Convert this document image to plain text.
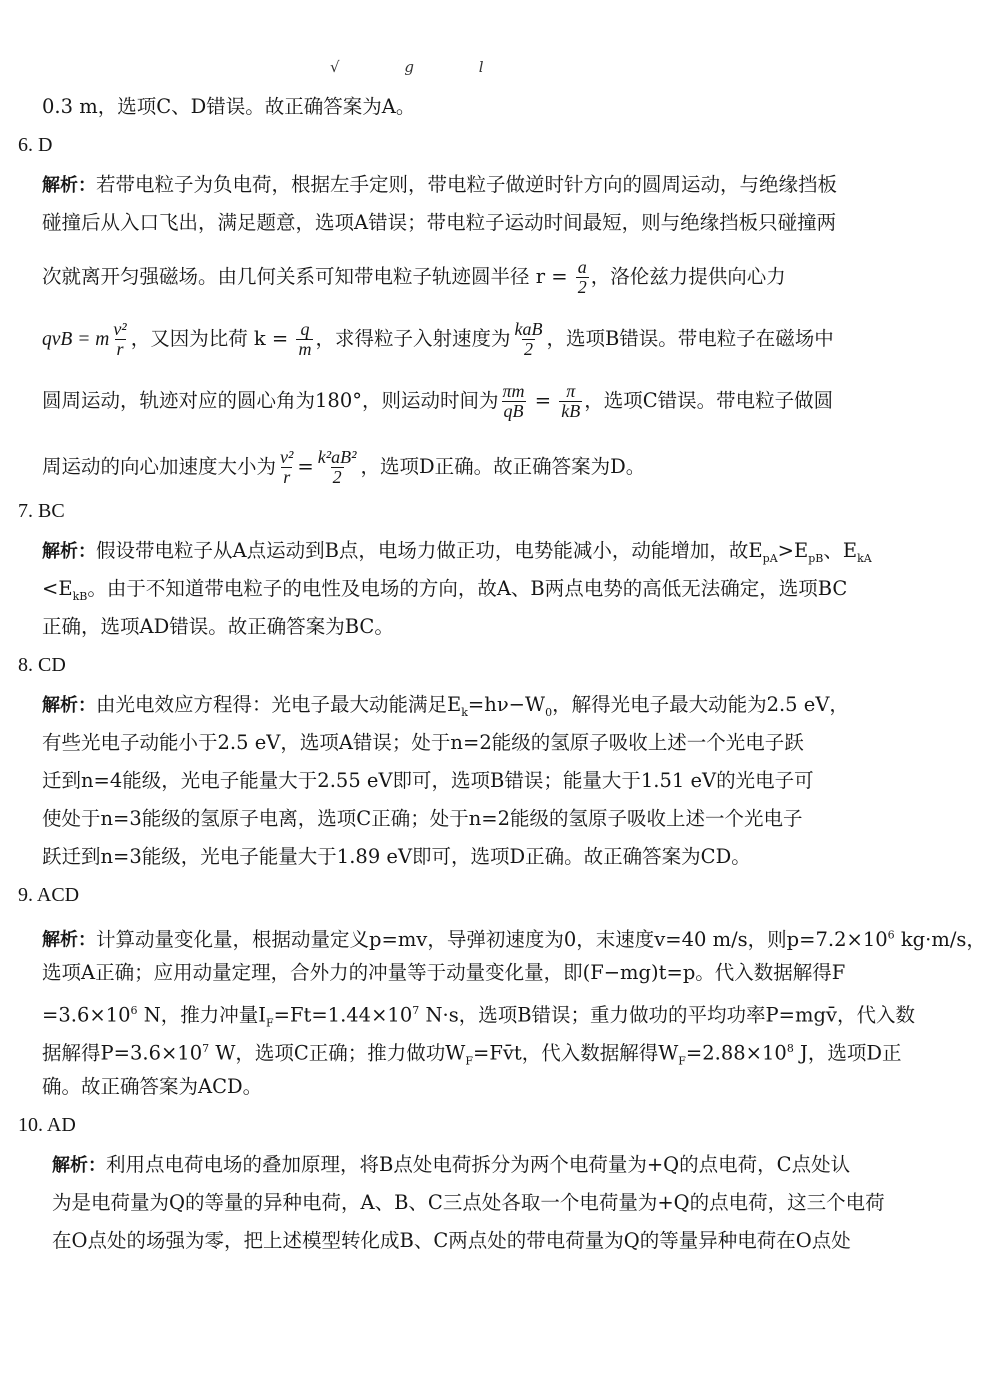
√ g l
0.3 m，选项C、D错误。故正确答案为A。
6. D
解析：若带电粒子为负电荷，根据左手定则，带电粒子做逆时针方向的圆周运动，与绝缘挡板
碰撞后从入口飞出，满足题意，选项A错误；带电粒子运动时间最短，则与绝缘挡板只碰撞两
次就离开匀强磁场。由几何关系可知带电粒子轨迹圆半径 $r = \frac{a}{2}$ ，洛伦兹力提供向心力
qvB = m $\frac{\text{v²}}{r}$ ，又因为比荷 $k = \frac{q}{m}$ ，求得粒子入射速度为 $\frac{\text{kaB}}{2}$ ，选项B错误。带电粒子在磁场中
圆周运动，轨迹对应的圆心角为180°，则运动时间为 $\frac{\pi m}{qB} = \frac{\pi}{kB}$ ，选项C错误。带电粒子做圆
周运动的向心加速度大小为 $\frac{\text{v²}}{r} = \frac{\text{k²aB²}}{2}$ ，选项D正确。故正确答案为D。
7. BC
解析：假设带电粒子从A点运动到B点，电场力做正功，电势能减小，动能增加，故$E_{pA}>E_{pB}$、$E_{kA}$
$<E_{kB}$。由于不知道带电粒子的电性及电场的方向，故A、B两点电势的高低无法确定，选项BC
正确，选项AD错误。故正确答案为BC。
8. CD
解析：由光电效应方程得：光电子最大动能满足$E_k=h\nu-W_0$，解得光电子最大动能为2.5 eV，
有些光电子动能小于2.5 eV，选项A错误；处于n=2能级的氢原子吸收上述一个光电子跃
迁到n=4能级，光电子能量大于2.55 eV即可，选项B错误；能量大于1.51 eV的光电子可
使处于n=3能级的氢原子电离，选项C正确；处于n=2能级的氢原子吸收上述一个光电子
跃迁到n=3能级，光电子能量大于1.89 eV即可，选项D正确。故正确答案为CD。
9. ACD
解析：计算动量变化量，根据动量定义p=mv，导弹初速度为0，末速度v=40 m/s，则$p=7.2\times 10^6$ kg·m/s，
选项A正确；应用动量定理，合外力的冲量等于动量变化量，即(F−mg)t=p。代入数据解得F
$=3.6\times 10^6$ N，推力冲量$I_F=Ft=1.44\times 10^7$ N·s，选项B错误；重力做功的平均功率P=mgv̄，代入数
据解得$P=3.6\times 10^7$ W，选项C正确；推力做功$W_F=Fv̄t$，代入数据解得$W_F=2.88\times 10^8$ J，选项D正
确。故正确答案为ACD。
10. AD
解析：利用点电荷电场的叠加原理，将B点处电荷拆分为两个电荷量为+Q的点电荷，C点处认
为是电荷量为Q的等量的异种电荷，A、B、C三点处各取一个电荷量为+Q的点电荷，这三个电荷
在O点处的场强为零，把上述模型转化成B、C两点处的带电荷量为Q的等量异种电荷在O点处
